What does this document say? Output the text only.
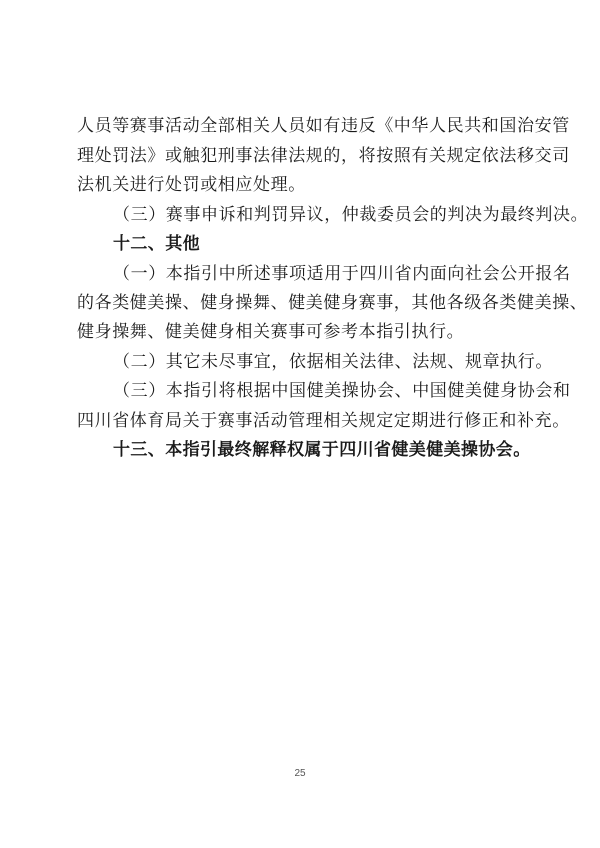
人员等赛事活动全部相关人员如有违反《中华人民共和国治安管
理处罚法》或触犯刑事法律法规的，将按照有关规定依法移交司
法机关进行处罚或相应处理。
（三）赛事申诉和判罚异议，仲裁委员会的判决为最终判决。
十二、其他
（一）本指引中所述事项适用于四川省内面向社会公开报名
的各类健美操、健身操舞、健美健身赛事，其他各级各类健美操、
健身操舞、健美健身相关赛事可参考本指引执行。
（二）其它未尽事宜，依据相关法律、法规、规章执行。
（三）本指引将根据中国健美操协会、中国健美健身协会和
四川省体育局关于赛事活动管理相关规定定期进行修正和补充。
十三、本指引最终解释权属于四川省健美健美操协会。
25
